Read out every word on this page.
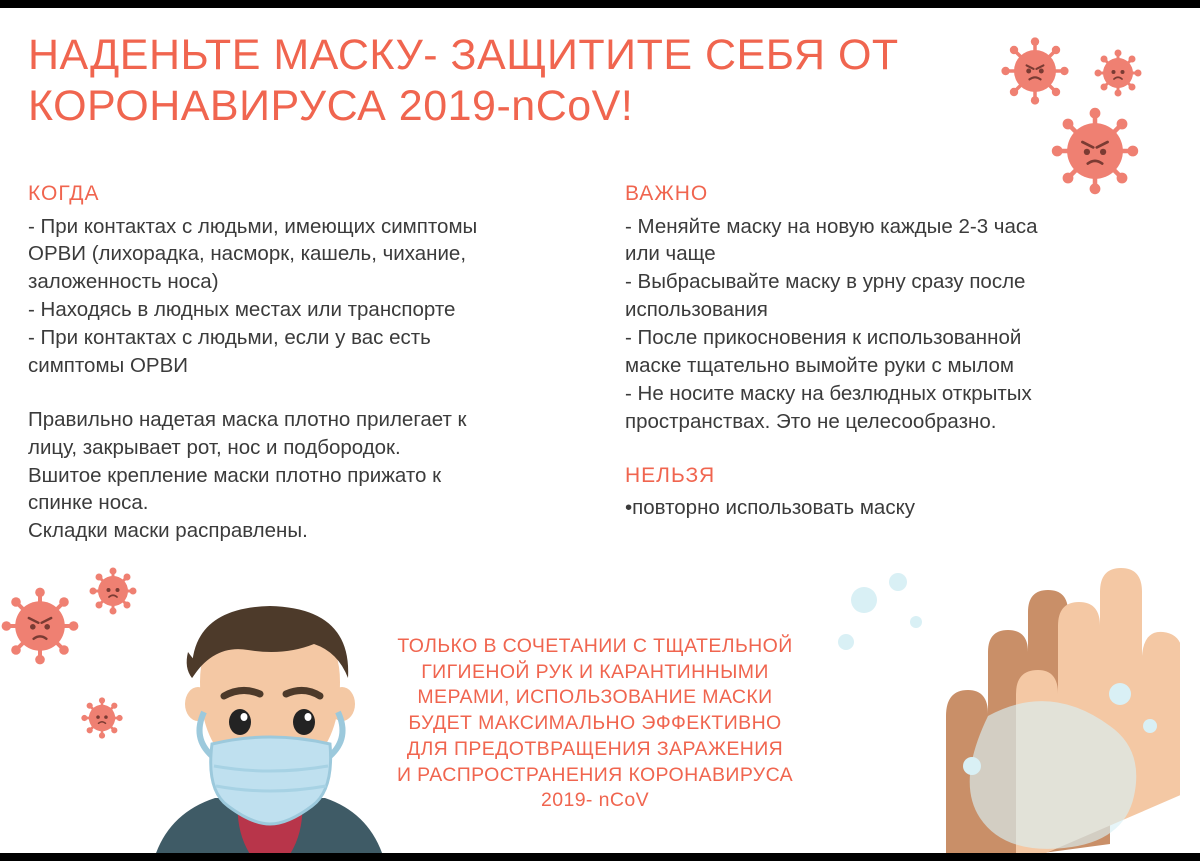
НАДЕНЬТЕ МАСКУ- ЗАЩИТИТЕ СЕБЯ ОТ КОРОНАВИРУСА 2019-nCoV!
КОГДА

- При контактах с людьми, имеющих симптомы

ОРВИ (лихорадка, насморк, кашель, чихание,

заложенность носа)

- Находясь в людных местах или транспорте

- При контактах с людьми, если у вас есть

симптомы ОРВИ

Правильно надетая маска плотно прилегает к

лицу, закрывает рот, нос и подбородок.

Вшитое крепление маски плотно прижато к

спинке носа.

Складки маски расправлены.

ВАЖНО

- Меняйте маску на новую каждые 2-3 часа

или чаще

- Выбрасывайте маску в урну сразу после

использования

- После прикосновения к использованной

маске тщательно вымойте руки с мылом

- Не носите маску на безлюдных открытых

пространствах. Это не целесообразно.

НЕЛЬЗЯ

•повторно использовать маску

ТОЛЬКО В СОЧЕТАНИИ С ТЩАТЕЛЬНОЙ

ГИГИЕНОЙ РУК И КАРАНТИННЫМИ

МЕРАМИ, ИСПОЛЬЗОВАНИЕ МАСКИ

БУДЕТ МАКСИМАЛЬНО ЭФФЕКТИВНО

ДЛЯ ПРЕДОТВРАЩЕНИЯ ЗАРАЖЕНИЯ

И РАСПРОСТРАНЕНИЯ КОРОНАВИРУСА

2019- nCoV
